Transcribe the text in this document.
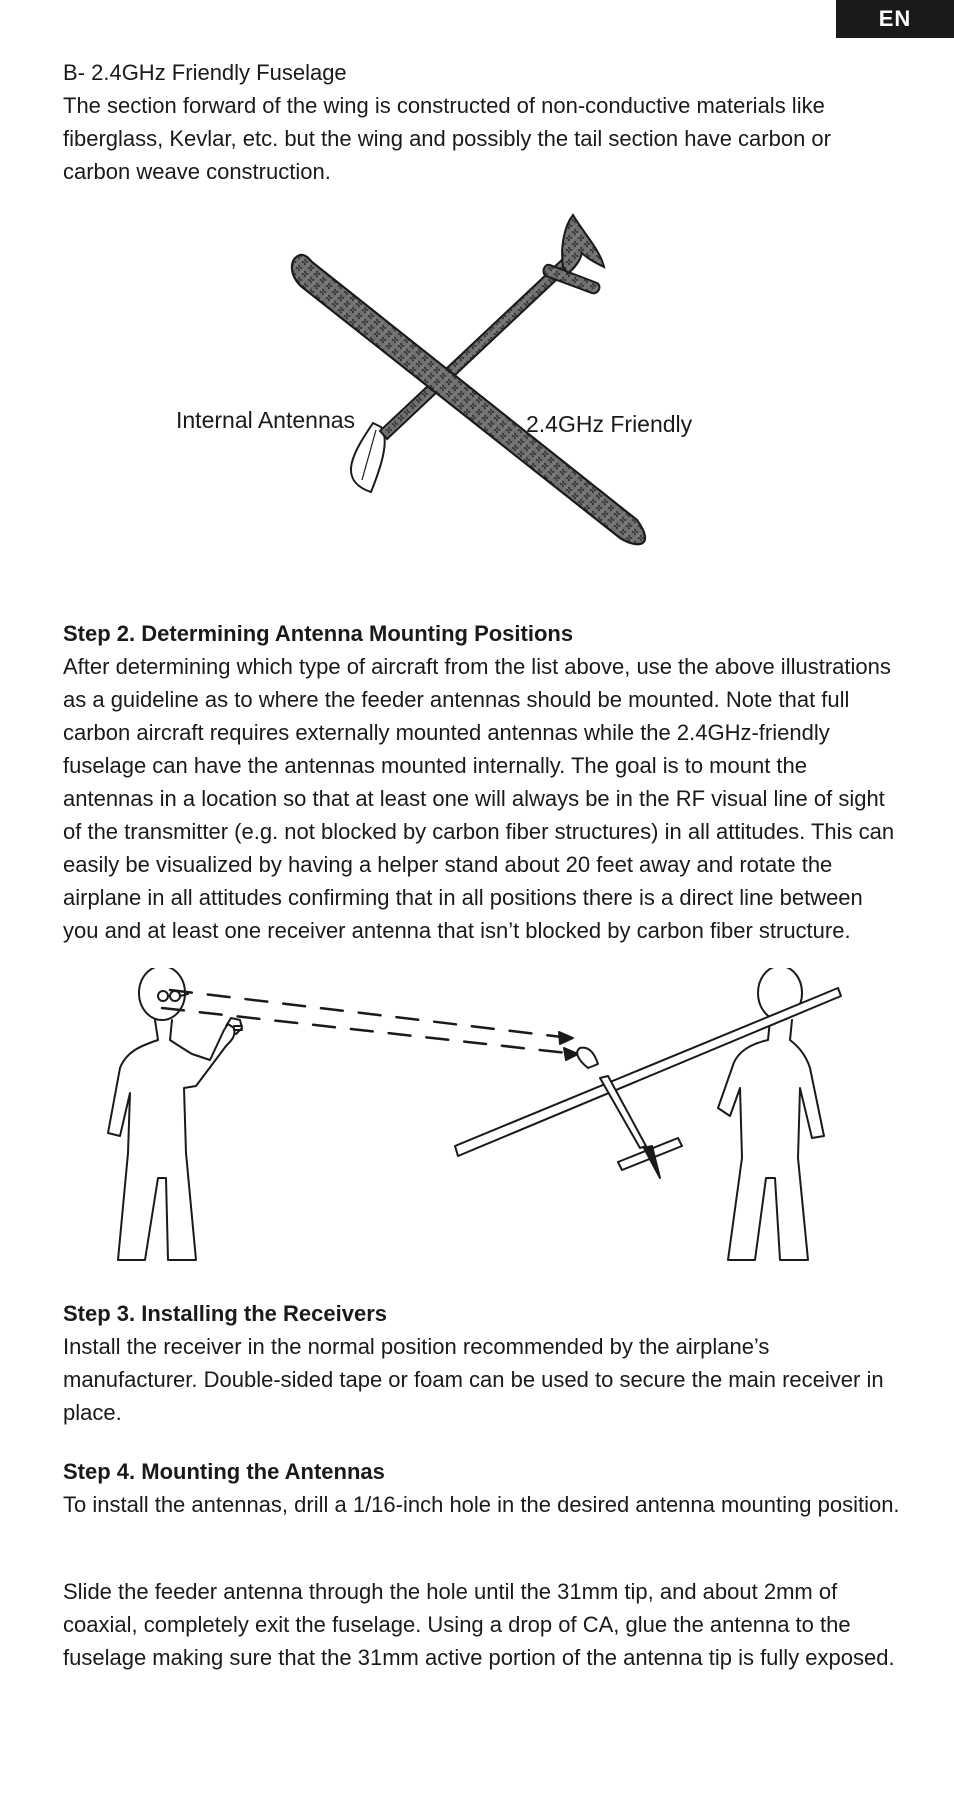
EN

B- 2.4GHz Friendly Fuselage

The section forward of the wing is constructed of non-conductive materials like fiberglass, Kevlar, etc. but the wing and possibly the tail section have carbon or carbon weave construction.

Internal Antennas	2.4GHz Friendly

Step 2. Determining Antenna Mounting Positions

After determining which type of aircraft from the list above, use the above illustrations as a guideline as to where the feeder antennas should be mounted. Note that full carbon aircraft requires externally mounted antennas while the 2.4GHz-friendly fuselage can have the antennas mounted internally. The goal is to mount the antennas in a location so that at least one will always be in the RF visual line of sight of the transmitter (e.g. not blocked by carbon fiber structures) in all attitudes. This can easily be visualized by having a helper stand about 20 feet away and rotate the airplane in all attitudes confirming that in all positions there is a direct line between you and at least one receiver antenna that isn’t blocked by carbon fiber structure.

Step 3. Installing the Receivers

Install the receiver in the normal position recommended by the airplane’s manufacturer. Double-sided tape or foam can be used to secure the main receiver in place.

Step 4. Mounting the Antennas

To install the antennas, drill a 1/16-inch hole in the desired antenna mounting position.

Slide the feeder antenna through the hole until the 31mm tip, and about 2mm of coaxial, completely exit the fuselage. Using a drop of CA, glue the antenna to the fuselage making sure that the 31mm active portion of the antenna tip is fully exposed.
